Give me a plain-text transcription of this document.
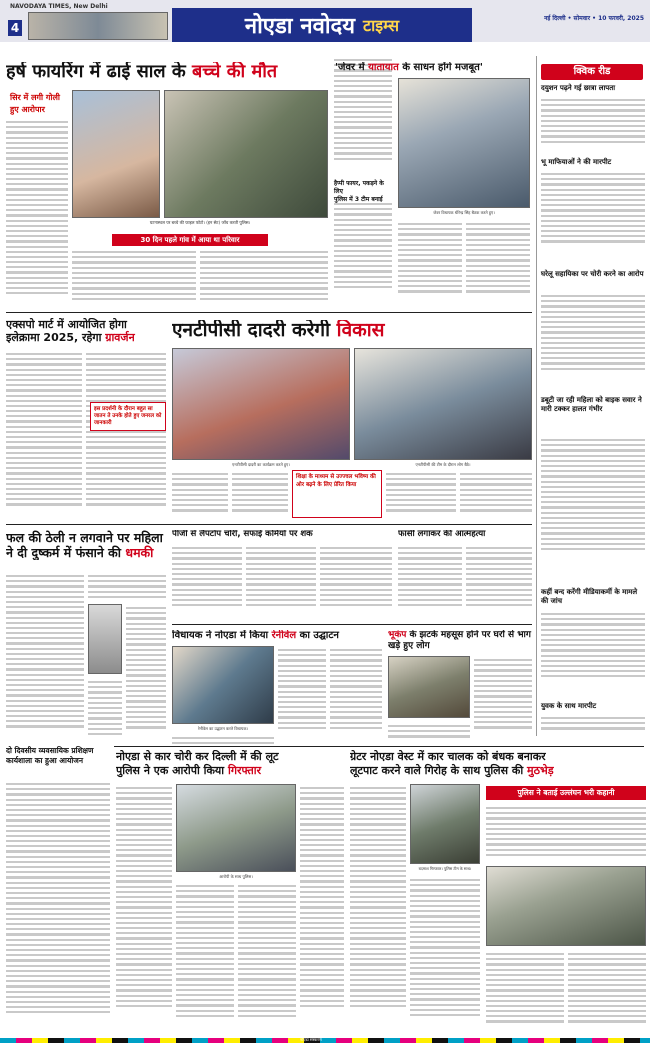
NAVODAYA TIMES, New Delhi
4	नोएडा नवोदय टाइम्स	नई दिल्ली • सोमवार • 10 फरवरी, 2025
हर्ष फायरिंग में ढाई साल के बच्चे की मौत
सिर में लगी गोली
हुए आरोपार
घटनास्थल पर बच्चे की फाइल फोटो। (इन सेट) जाँच करती पुलिस।
30 दिन पहले गांव में आया था परिवार
हैप्पी फायर, पकड़ने के लिए
पुलिस में 3 टीम बनाई
'जेवर में यातायात के साधन होंगे मजबूत'
जेवर विधायक धीरेन्द्र सिंह बैठक करते हुए।
क्विक रीड
दयुशन पढ़ने गई छात्रा लापता
भू माफियाओं ने की मारपीट
घरेलू सहायिका पर चोरी करने का आरोप
डबूटी जा रही महिला को बाइक सवार ने मारी टक्कर हालत गंभीर
कहीं बन्द करेंगी मीडियाकर्मी के मामले की जांच
युवक के साथ मारपीट
एक्सपो मार्ट में आयोजित होगा
इलेक्रामा 2025, रहेगा ग्रावर्जन
इस प्रदर्शनी के दौरान बहुत सा जातन ते उनके होते हुए जनरल को जानकारी
एनटीपीसी दादरी करेगी विकास
एनटीपीसी दादरी का कार्यक्रम करते हुए।	एनटीपीसी की टीम के दौरान लोग बैठे।
शिक्षा के माध्यम से उज्ज्वल भविष्य की ओर बढ़ने के लिए प्रेरित किया
फल की ठेली न लगवाने पर महिला
ने दी दुष्कर्म में फंसाने की धमकी
पीजी से लैपटॉप चोरी, सफाई कर्मियों पर शक	फांसी लगाकर की आत्महत्या
विधायक ने नोएडा में किया रेनीवेल का उद्घाटन
रेनीवेल का उद्घाटन करते विधायक।
भूकंप के झटके महसूस होने पर घरों से भाग खड़े हुए लोग
दो दिवसीय व्यवसायिक प्रशिक्षण कार्यशाला का हुआ आयोजन	नोएडा से कार चोरी कर दिल्ली में की लूट
पुलिस ने एक आरोपी किया गिरफ्तार
आरोपी के साथ पुलिस।
ग्रेटर नोएडा वेस्ट में कार चालक को बंधक बनाकर
लूटपाट करने वाले गिरोह के साथ पुलिस की मुठभेड़
बदमाश गिरफ्तार। पुलिस टीम के साथ।
पुलिस ने बताई उल्लंघन भरी कहानी
नोएडा संस्करण
